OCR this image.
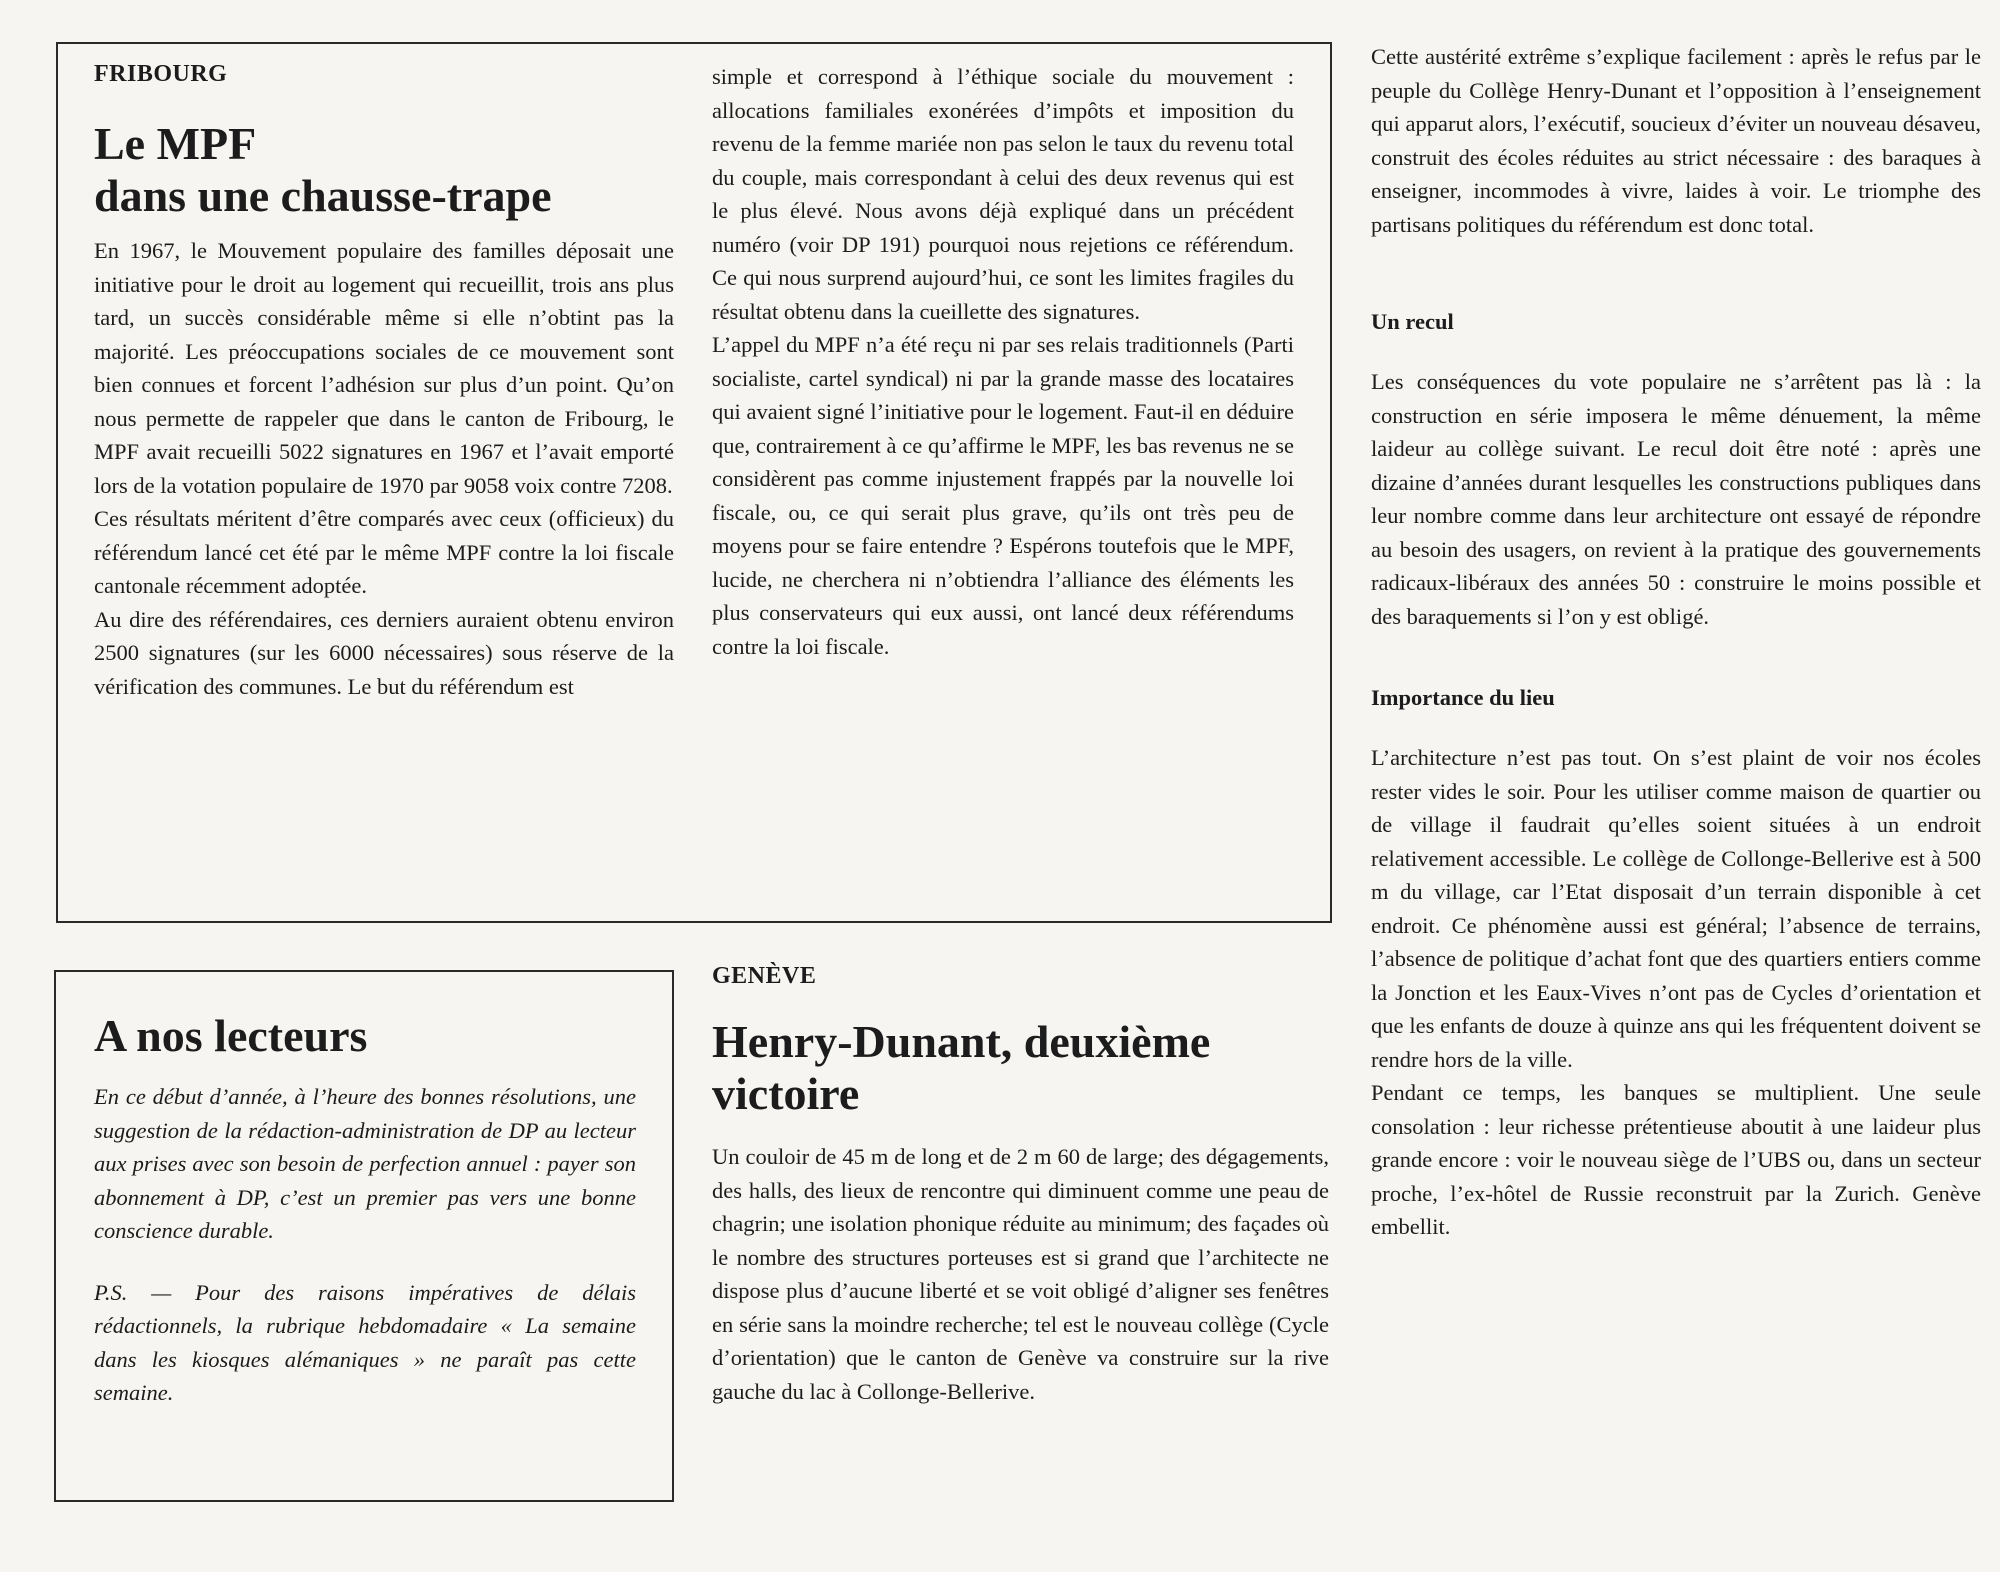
FRIBOURG
Le MPF
dans une chausse-trape

En 1967, le Mouvement populaire des familles déposait une initiative pour le droit au logement qui recueillit, trois ans plus tard, un succès considérable même si elle n’obtint pas la majorité. Les préoccupations sociales de ce mouvement sont bien connues et forcent l’adhésion sur plus d’un point. Qu’on nous permette de rappeler que dans le canton de Fribourg, le MPF avait recueilli 5022 signatures en 1967 et l’avait emporté lors de la votation populaire de 1970 par 9058 voix contre 7208.

Ces résultats méritent d’être comparés avec ceux (officieux) du référendum lancé cet été par le même MPF contre la loi fiscale cantonale récemment adoptée.

Au dire des référendaires, ces derniers auraient obtenu environ 2500 signatures (sur les 6000 nécessaires) sous réserve de la vérification des communes. Le but du référendum est

simple et correspond à l’éthique sociale du mouvement : allocations familiales exonérées d’impôts et imposition du revenu de la femme mariée non pas selon le taux du revenu total du couple, mais correspondant à celui des deux revenus qui est le plus élevé. Nous avons déjà expliqué dans un précédent numéro (voir DP 191) pourquoi nous rejetions ce référendum. Ce qui nous surprend aujourd’hui, ce sont les limites fragiles du résultat obtenu dans la cueillette des signatures.

L’appel du MPF n’a été reçu ni par ses relais traditionnels (Parti socialiste, cartel syndical) ni par la grande masse des locataires qui avaient signé l’initiative pour le logement. Faut-il en déduire que, contrairement à ce qu’affirme le MPF, les bas revenus ne se considèrent pas comme injustement frappés par la nouvelle loi fiscale, ou, ce qui serait plus grave, qu’ils ont très peu de moyens pour se faire entendre ? Espérons toutefois que le MPF, lucide, ne cherchera ni n’obtiendra l’alliance des éléments les plus conservateurs qui eux aussi, ont lancé deux référendums contre la loi fiscale.

A nos lecteurs

En ce début d’année, à l’heure des bonnes résolutions, une suggestion de la rédaction-administration de DP au lecteur aux prises avec son besoin de perfection annuel : payer son abonnement à DP, c’est un premier pas vers une bonne conscience durable.

P.S. — Pour des raisons impératives de délais rédactionnels, la rubrique hebdomadaire « La semaine dans les kiosques alémaniques » ne paraît pas cette semaine.

GENÈVE
Henry-Dunant, deuxième
victoire

Un couloir de 45 m de long et de 2 m 60 de large; des dégagements, des halls, des lieux de rencontre qui diminuent comme une peau de chagrin; une isolation phonique réduite au minimum; des façades où le nombre des structures porteuses est si grand que l’architecte ne dispose plus d’aucune liberté et se voit obligé d’aligner ses fenêtres en série sans la moindre recherche; tel est le nouveau collège (Cycle d’orientation) que le canton de Genève va construire sur la rive gauche du lac à Collonge-Bellerive.

Cette austérité extrême s’explique facilement : après le refus par le peuple du Collège Henry-Dunant et l’opposition à l’enseignement qui apparut alors, l’exécutif, soucieux d’éviter un nouveau désaveu, construit des écoles réduites au strict nécessaire : des baraques à enseigner, incommodes à vivre, laides à voir. Le triomphe des partisans politiques du référendum est donc total.

Un recul

Les conséquences du vote populaire ne s’arrêtent pas là : la construction en série imposera le même dénuement, la même laideur au collège suivant. Le recul doit être noté : après une dizaine d’années durant lesquelles les constructions publiques dans leur nombre comme dans leur architecture ont essayé de répondre au besoin des usagers, on revient à la pratique des gouvernements radicaux-libéraux des années 50 : construire le moins possible et des baraquements si l’on y est obligé.

Importance du lieu

L’architecture n’est pas tout. On s’est plaint de voir nos écoles rester vides le soir. Pour les utiliser comme maison de quartier ou de village il faudrait qu’elles soient situées à un endroit relativement accessible. Le collège de Collonge-Bellerive est à 500 m du village, car l’Etat disposait d’un terrain disponible à cet endroit. Ce phénomène aussi est général; l’absence de terrains, l’absence de politique d’achat font que des quartiers entiers comme la Jonction et les Eaux-Vives n’ont pas de Cycles d’orientation et que les enfants de douze à quinze ans qui les fréquentent doivent se rendre hors de la ville.

Pendant ce temps, les banques se multiplient. Une seule consolation : leur richesse prétentieuse aboutit à une laideur plus grande encore : voir le nouveau siège de l’UBS ou, dans un secteur proche, l’ex-hôtel de Russie reconstruit par la Zurich. Genève embellit.
